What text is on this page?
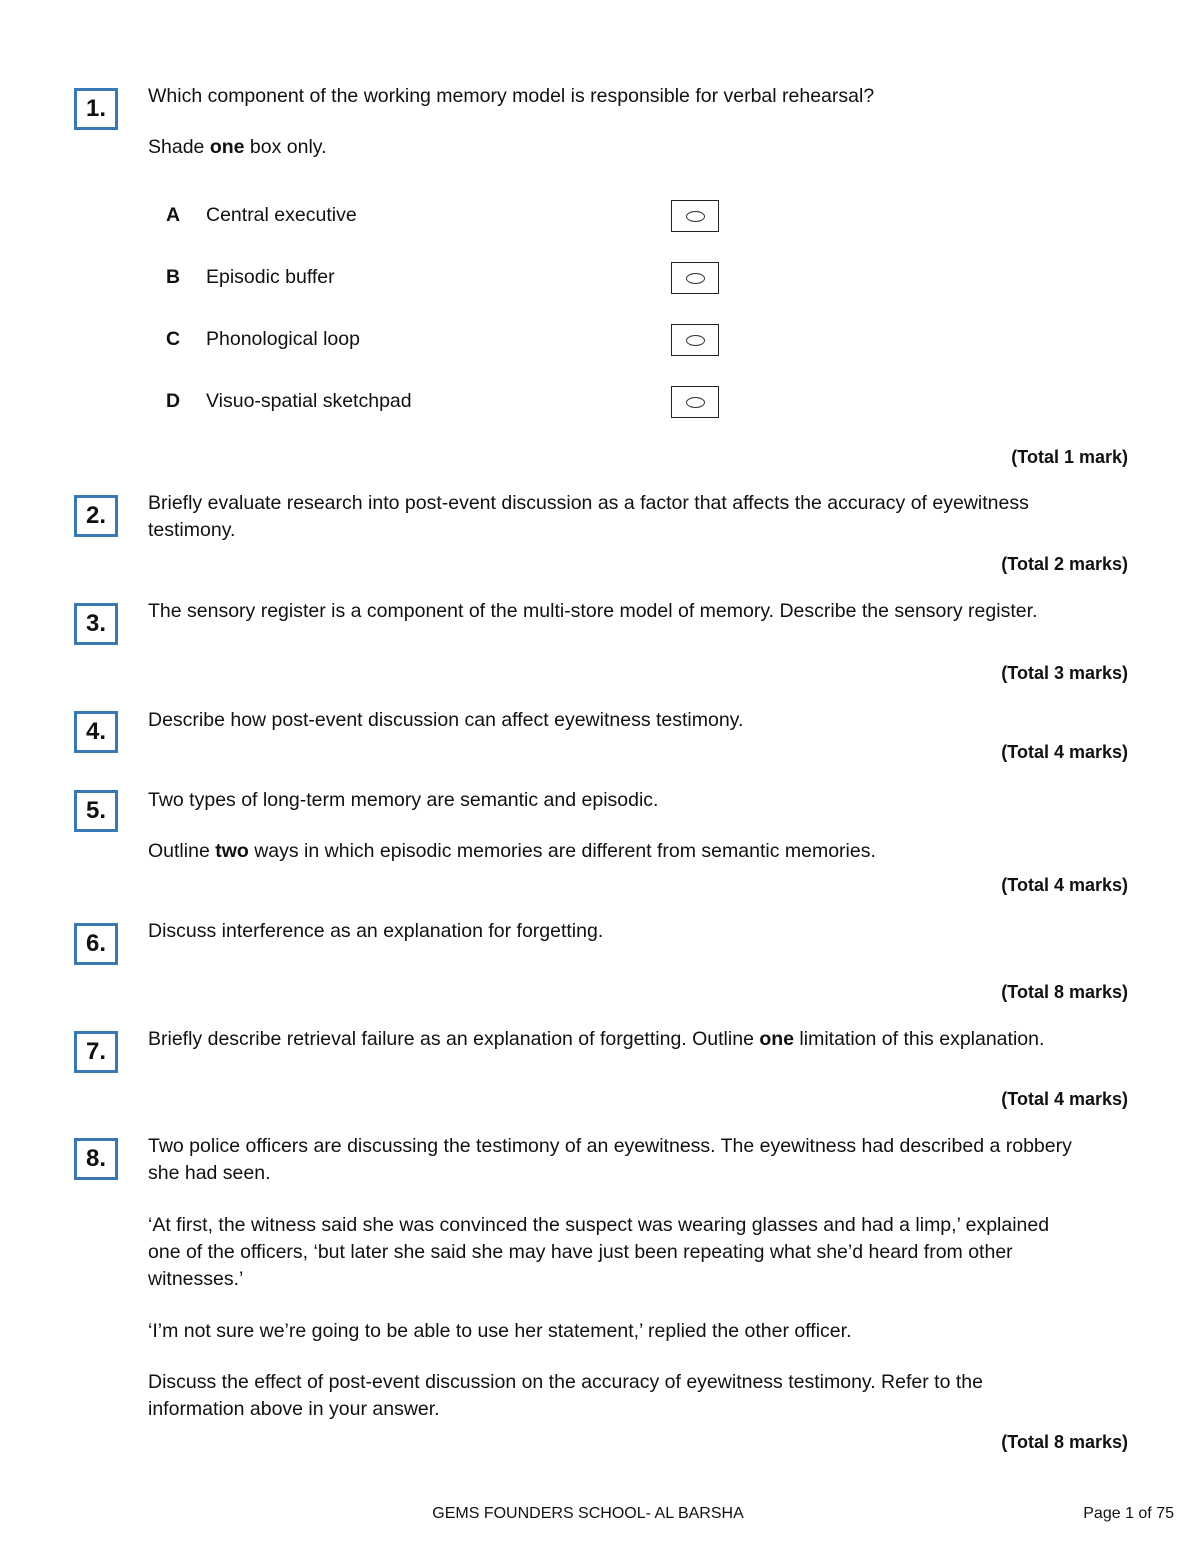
1.	Which component of the working memory model is responsible for verbal rehearsal?
Shade one box only.
A Central executive
B Episodic buffer
C Phonological loop
D Visuo-spatial sketchpad
(Total 1 mark)
2.	Briefly evaluate research into post-event discussion as a factor that affects the accuracy of eyewitness testimony.
(Total 2 marks)
3.	The sensory register is a component of the multi-store model of memory. Describe the sensory register.
(Total 3 marks)
4.	Describe how post-event discussion can affect eyewitness testimony.
(Total 4 marks)
5.	Two types of long-term memory are semantic and episodic.
Outline two ways in which episodic memories are different from semantic memories.
(Total 4 marks)
6.	Discuss interference as an explanation for forgetting.
(Total 8 marks)
7.	Briefly describe retrieval failure as an explanation of forgetting. Outline one limitation of this explanation.
(Total 4 marks)
8.	Two police officers are discussing the testimony of an eyewitness. The eyewitness had described a robbery she had seen.
‘At first, the witness said she was convinced the suspect was wearing glasses and had a limp,’ explained one of the officers, ‘but later she said she may have just been repeating what she’d heard from other witnesses.’
‘I’m not sure we’re going to be able to use her statement,’ replied the other officer.
Discuss the effect of post-event discussion on the accuracy of eyewitness testimony. Refer to the information above in your answer.
(Total 8 marks)
GEMS FOUNDERS SCHOOL- AL BARSHA	Page 1 of 75
